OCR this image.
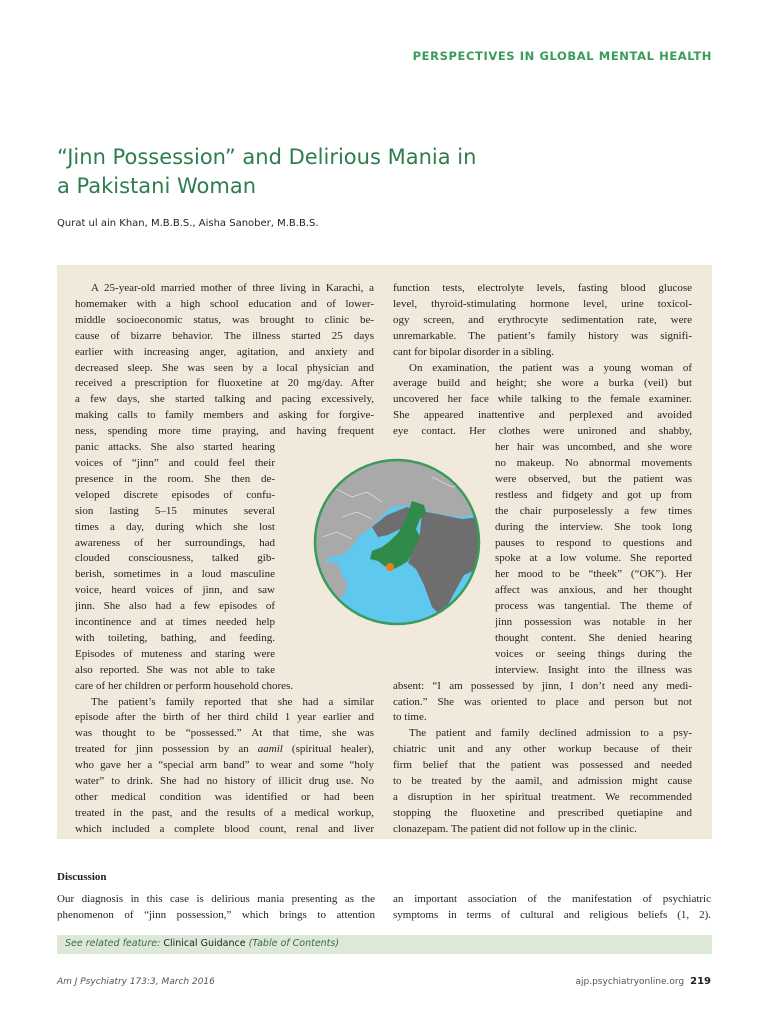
PERSPECTIVES IN GLOBAL MENTAL HEALTH
“Jinn Possession” and Delirious Mania in
a Pakistani Woman
Qurat ul ain Khan, M.B.B.S., Aisha Sanober, M.B.B.S.
A 25-year-old married mother of three living in Karachi, a
homemaker with a high school education and of lower-
middle socioeconomic status, was brought to clinic be-
cause of bizarre behavior. The illness started 25 days
earlier with increasing anger, agitation, and anxiety and
decreased sleep. She was seen by a local physician and
received a prescription for fluoxetine at 20 mg/day. After
a few days, she started talking and pacing excessively,
making calls to family members and asking for forgive-
ness, spending more time praying, and having frequent
panic attacks. She also started hearing
voices of “jinn” and could feel their
presence in the room. She then de-
veloped discrete episodes of confu-
sion lasting 5–15 minutes several
times a day, during which she lost
awareness of her surroundings, had
clouded consciousness, talked gib-
berish, sometimes in a loud masculine
voice, heard voices of jinn, and saw
jinn. She also had a few episodes of
incontinence and at times needed help
with toileting, bathing, and feeding.
Episodes of muteness and staring were
also reported. She was not able to take
care of her children or perform household chores.
The patient’s family reported that she had a similar
episode after the birth of her third child 1 year earlier and
was thought to be “possessed.” At that time, she was
treated for jinn possession by an aamil (spiritual healer),
who gave her a “special arm band” to wear and some “holy
water” to drink. She had no history of illicit drug use. No
other medical condition was identified or had been
treated in the past, and the results of a medical workup,
which included a complete blood count, renal and liver
function tests, electrolyte levels, fasting blood glucose
level, thyroid-stimulating hormone level, urine toxicol-
ogy screen, and erythrocyte sedimentation rate, were
unremarkable. The patient’s family history was signifi-
cant for bipolar disorder in a sibling.
On examination, the patient was a young woman of
average build and height; she wore a burka (veil) but
uncovered her face while talking to the female examiner.
She appeared inattentive and perplexed and avoided
eye contact. Her clothes were unironed and shabby,
her hair was uncombed, and she wore
no makeup. No abnormal movements
were observed, but the patient was
restless and fidgety and got up from
the chair purposelessly a few times
during the interview. She took long
pauses to respond to questions and
spoke at a low volume. She reported
her mood to be “theek” (“OK”). Her
affect was anxious, and her thought
process was tangential. The theme of
jinn possession was notable in her
thought content. She denied hearing
voices or seeing things during the
interview. Insight into the illness was
absent: “I am possessed by jinn, I don’t need any medi-
cation.” She was oriented to place and person but not
to time.
The patient and family declined admission to a psy-
chiatric unit and any other workup because of their
firm belief that the patient was possessed and needed
to be treated by the aamil, and admission might cause
a disruption in her spiritual treatment. We recommended
stopping the fluoxetine and prescribed quetiapine and
clonazepam. The patient did not follow up in the clinic.
Discussion
Our diagnosis in this case is delirious mania presenting as the
phenomenon of “jinn possession,” which brings to attention
an important association of the manifestation of psychiatric
symptoms in terms of cultural and religious beliefs (1, 2).
See related feature: Clinical Guidance (Table of Contents)
Am J Psychiatry 173:3, March 2016	ajp.psychiatryonline.org 219
